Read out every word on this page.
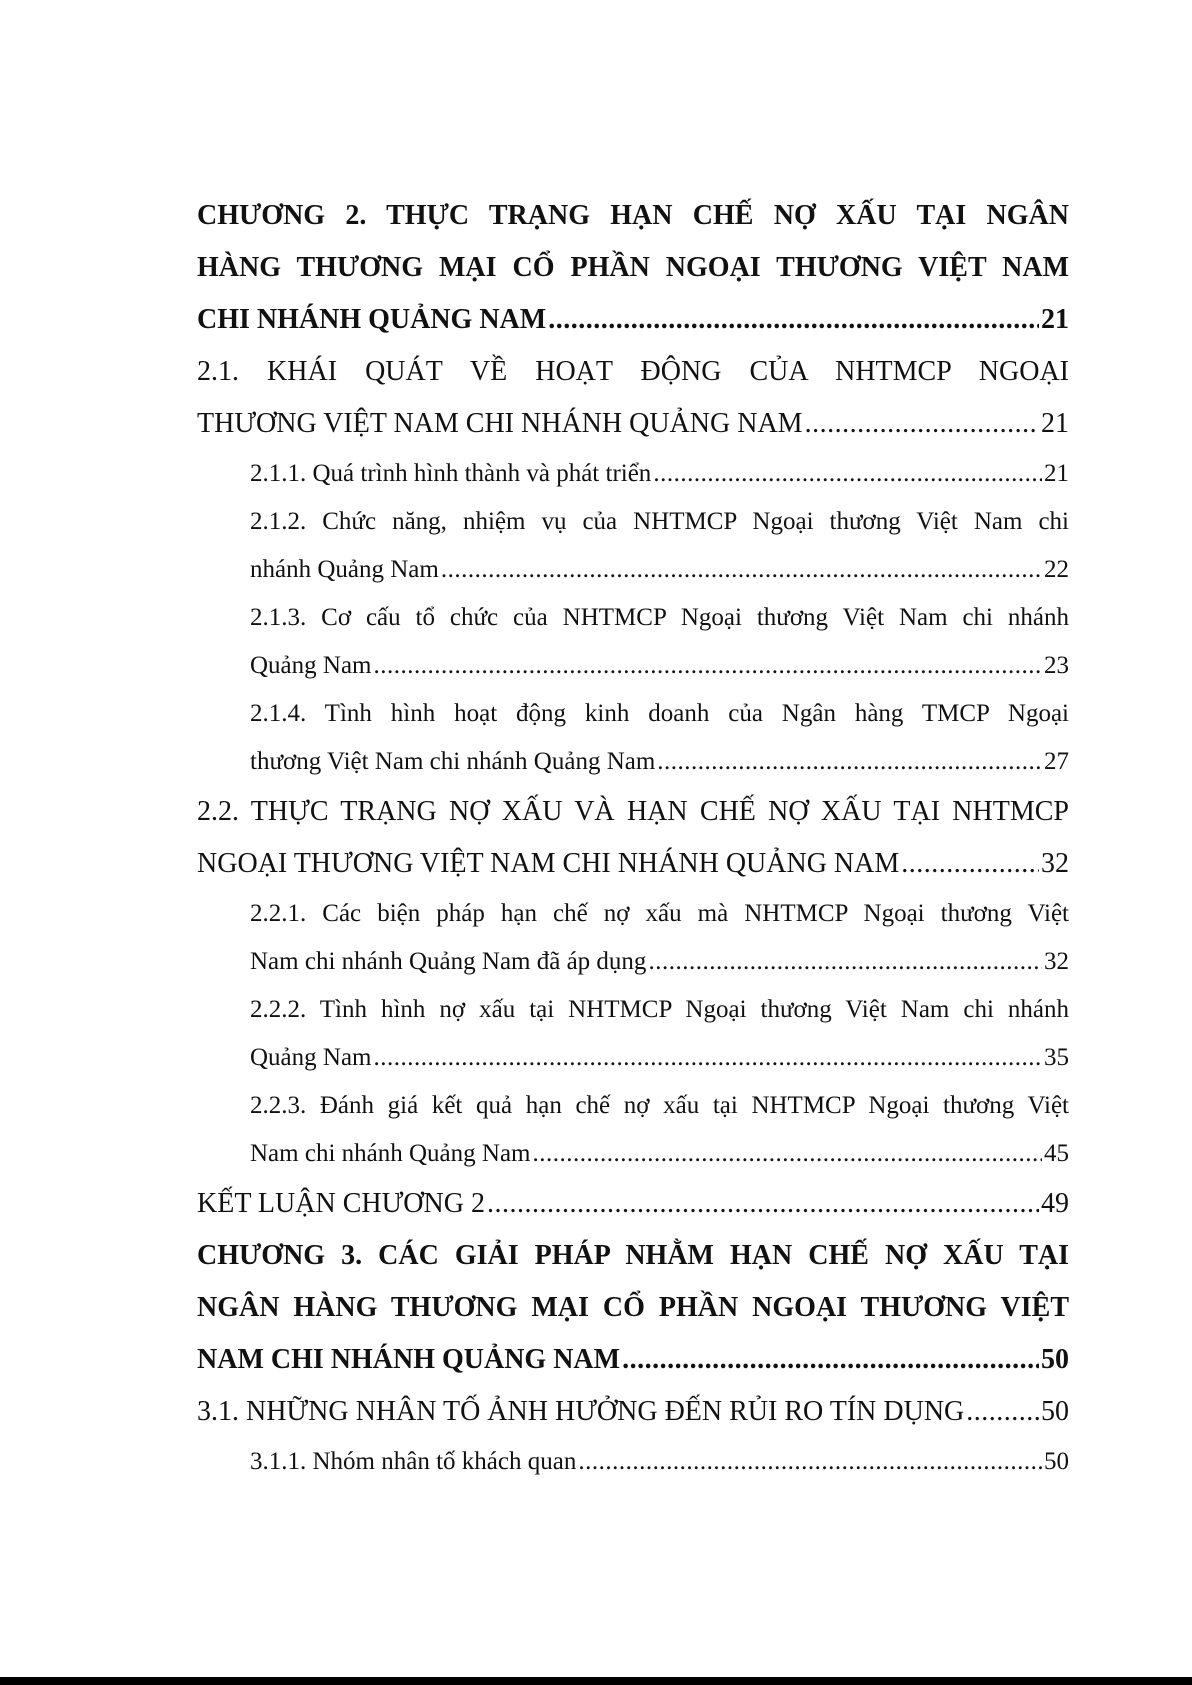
CHƯƠNG 2. THỰC TRẠNG HẠN CHẾ NỢ XẤU TẠI NGÂN
HÀNG THƯƠNG MẠI CỔ PHẦN NGOẠI THƯƠNG VIỆT NAM
CHI NHÁNH QUẢNG NAM .....	21
2.1. KHÁI QUÁT VỀ HOẠT ĐỘNG CỦA NHTMCP NGOẠI
THƯƠNG VIỆT NAM CHI NHÁNH QUẢNG NAM .....	21
2.1.1. Quá trình hình thành và phát triển .....	21
2.1.2. Chức năng, nhiệm vụ của NHTMCP Ngoại thương Việt Nam chi
nhánh Quảng Nam .....	22
2.1.3. Cơ cấu tổ chức của NHTMCP Ngoại thương Việt Nam chi nhánh
Quảng Nam .....	23
2.1.4. Tình hình hoạt động kinh doanh của Ngân hàng TMCP Ngoại
thương Việt Nam chi nhánh Quảng Nam .....	27
2.2. THỰC TRẠNG NỢ XẤU VÀ HẠN CHẾ NỢ XẤU TẠI NHTMCP
NGOẠI THƯƠNG VIỆT NAM CHI NHÁNH QUẢNG NAM .....	32
2.2.1. Các biện pháp hạn chế nợ xấu mà NHTMCP Ngoại thương Việt
Nam chi nhánh Quảng Nam đã áp dụng .....	32
2.2.2. Tình hình nợ xấu tại NHTMCP Ngoại thương Việt Nam chi nhánh
Quảng Nam .....	35
2.2.3. Đánh giá kết quả hạn chế nợ xấu tại NHTMCP Ngoại thương Việt
Nam chi nhánh Quảng Nam .....	45
KẾT LUẬN CHƯƠNG 2 .....	49
CHƯƠNG 3. CÁC GIẢI PHÁP NHẰM HẠN CHẾ NỢ XẤU TẠI
NGÂN HÀNG THƯƠNG MẠI CỔ PHẦN NGOẠI THƯƠNG VIỆT
NAM CHI NHÁNH QUẢNG NAM .....	50
3.1. NHỮNG NHÂN TỐ ẢNH HƯỞNG ĐẾN RỦI RO TÍN DỤNG .....	50
3.1.1. Nhóm nhân tố khách quan .....	50
